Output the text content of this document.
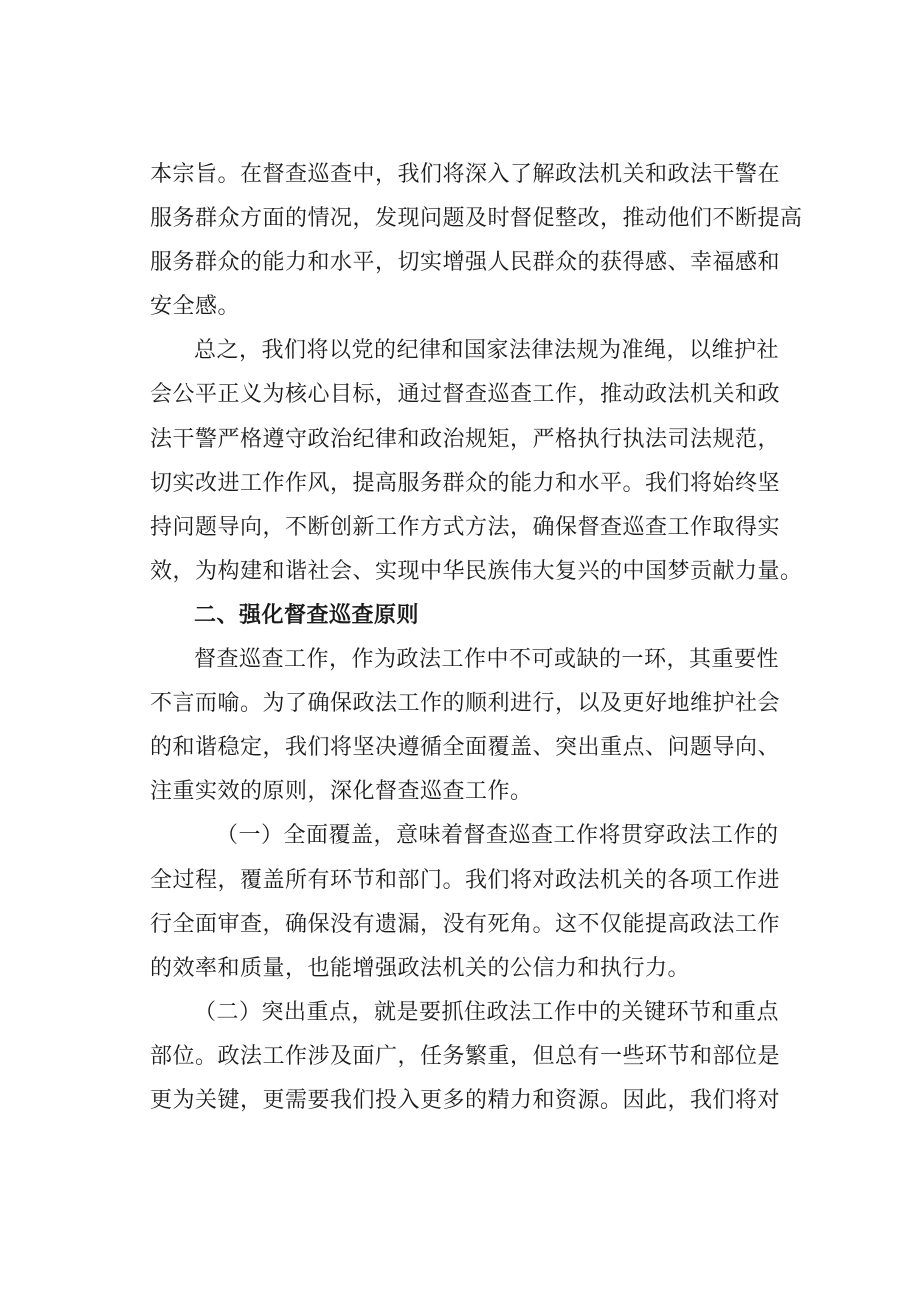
本宗旨。在督查巡查中，我们将深入了解政法机关和政法干警在
服务群众方面的情况，发现问题及时督促整改，推动他们不断提高
服务群众的能力和水平，切实增强人民群众的获得感、幸福感和
安全感。
总之，我们将以党的纪律和国家法律法规为准绳，以维护社
会公平正义为核心目标，通过督查巡查工作，推动政法机关和政
法干警严格遵守政治纪律和政治规矩，严格执行执法司法规范，
切实改进工作作风，提高服务群众的能力和水平。我们将始终坚
持问题导向，不断创新工作方式方法，确保督查巡查工作取得实
效，为构建和谐社会、实现中华民族伟大复兴的中国梦贡献力量。
二、强化督查巡查原则
督查巡查工作，作为政法工作中不可或缺的一环，其重要性
不言而喻。为了确保政法工作的顺利进行，以及更好地维护社会
的和谐稳定，我们将坚决遵循全面覆盖、突出重点、问题导向、
注重实效的原则，深化督查巡查工作。
（一）全面覆盖，意味着督查巡查工作将贯穿政法工作的
全过程，覆盖所有环节和部门。我们将对政法机关的各项工作进
行全面审查，确保没有遗漏，没有死角。这不仅能提高政法工作
的效率和质量，也能增强政法机关的公信力和执行力。
（二）突出重点，就是要抓住政法工作中的关键环节和重点
部位。政法工作涉及面广，任务繁重，但总有一些环节和部位是
更为关键，更需要我们投入更多的精力和资源。因此，我们将对
